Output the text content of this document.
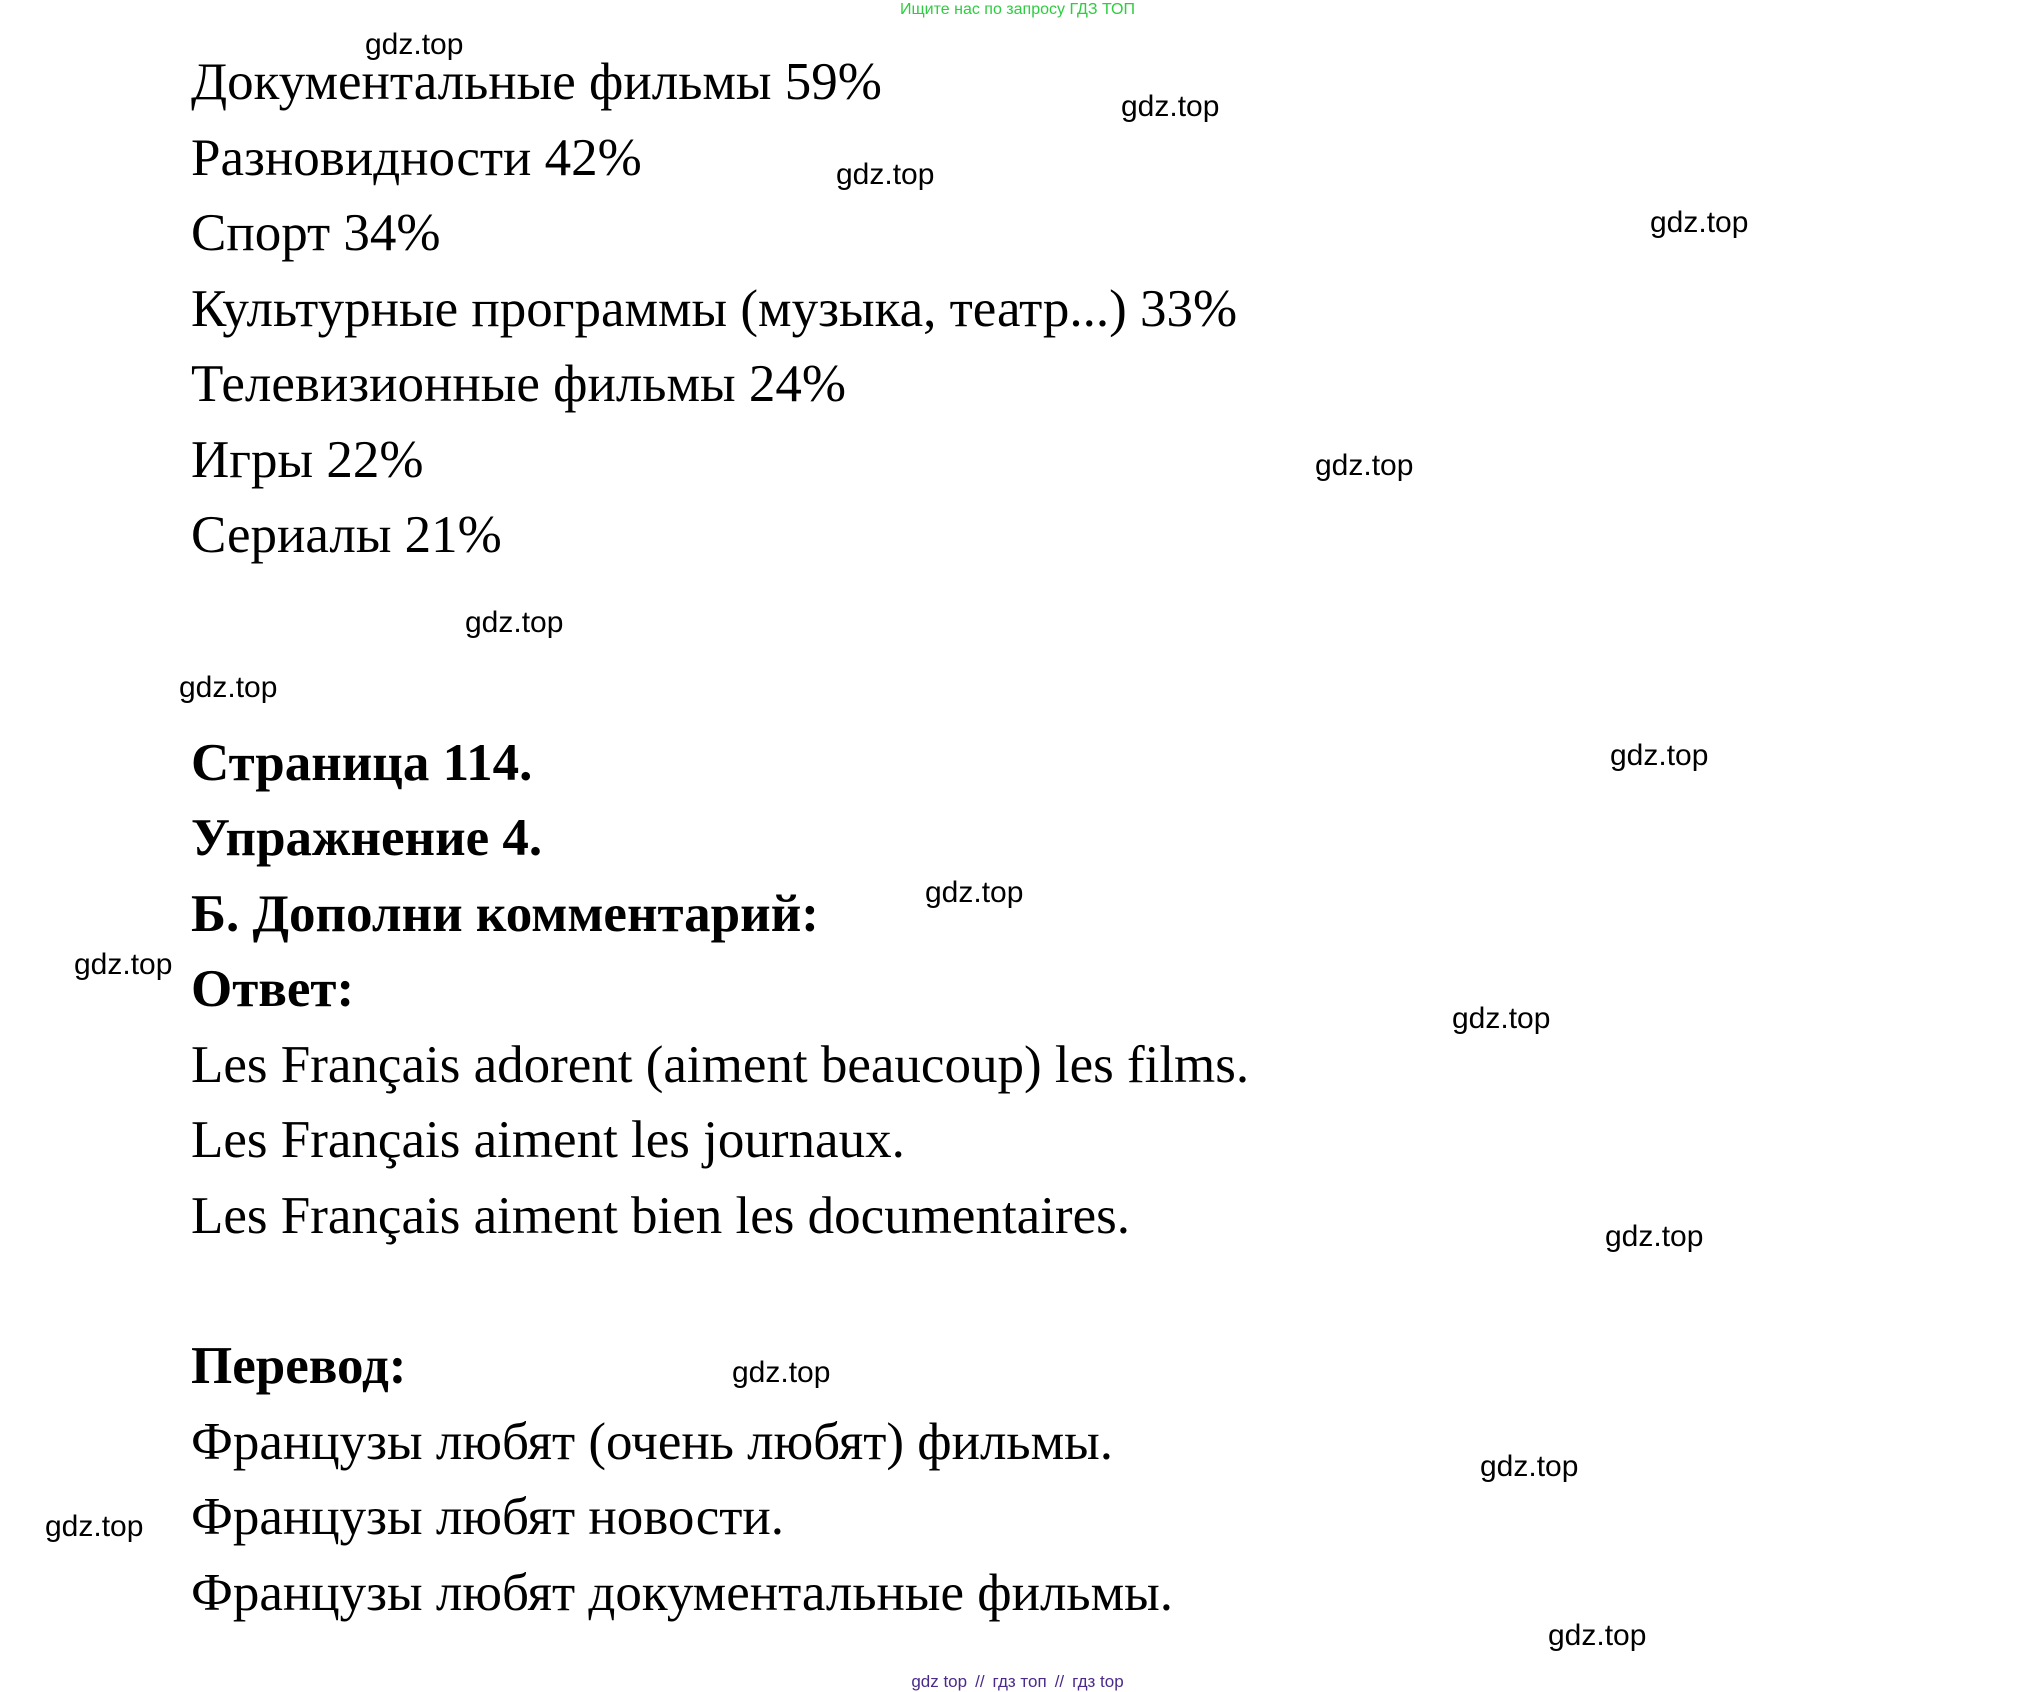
Ищите нас по запросу ГДЗ ТОП
Документальные фильмы 59%
Разновидности 42%
Спорт 34%
Культурные программы (музыка, театр...) 33%
Телевизионные фильмы 24%
Игры 22%
Сериалы 21%
Страница 114.
Упражнение 4.
Б. Дополни комментарий:
Ответ:
Les Français adorent (aiment beaucoup) les films.
Les Français aiment les journaux.
Les Français aiment bien les documentaires.
Перевод:
Французы любят (очень любят) фильмы.
Французы любят новости.
Французы любят документальные фильмы.
gdz.top
gdz.top
gdz.top
gdz.top
gdz.top
gdz.top
gdz.top
gdz.top
gdz.top
gdz.top
gdz.top
gdz.top
gdz.top
gdz.top
gdz.top
gdz.top
gdz top // гдз топ // гдз top
